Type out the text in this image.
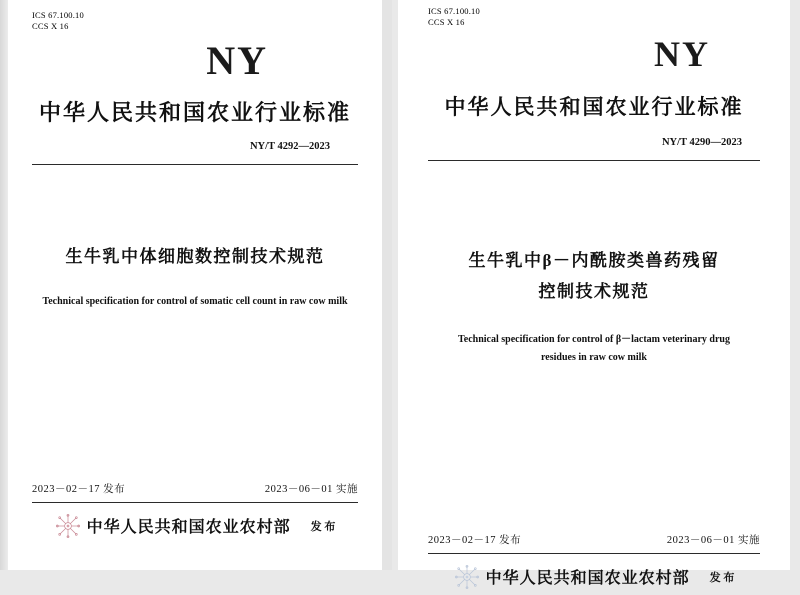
ICS 67.100.10
CCS X 16
NY
中华人民共和国农业行业标准
NY/T 4292—2023
生牛乳中体细胞数控制技术规范
Technical specification for control of somatic cell count in raw cow milk
2023－02－17 发布	2023－06－01 实施
中华人民共和国农业农村部 发 布
ICS 67.100.10
CCS X 16
NY
中华人民共和国农业行业标准
NY/T 4290—2023
生牛乳中β－内酰胺类兽药残留
控制技术规范
Technical specification for control of β－lactam veterinary drug
residues in raw cow milk
2023－02－17 发布	2023－06－01 实施
中华人民共和国农业农村部 发 布
